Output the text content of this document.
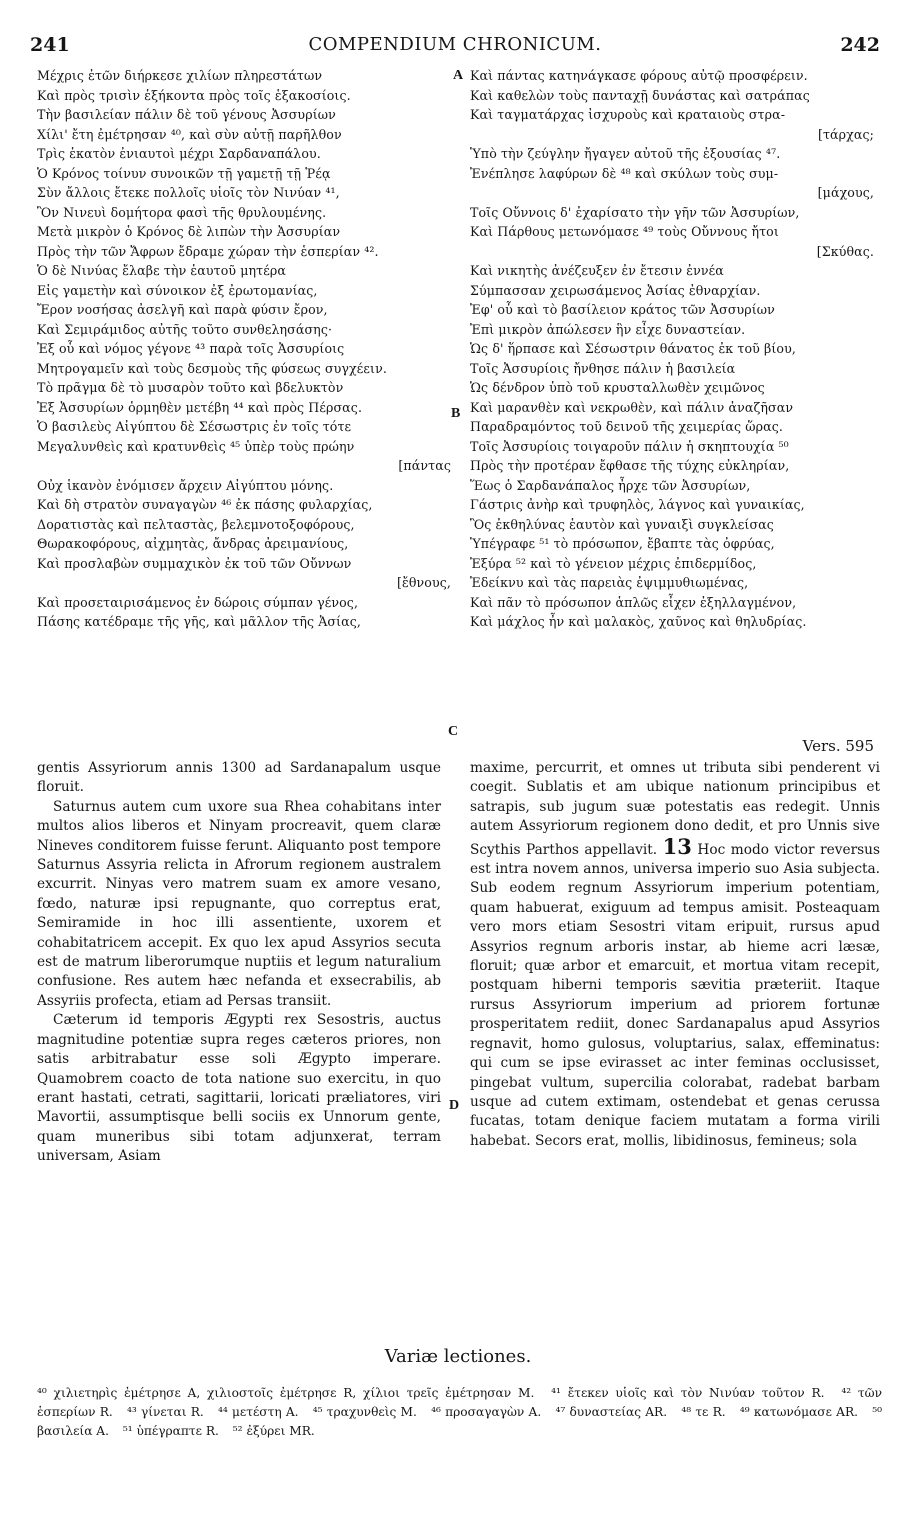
COMPENDIUM CHRONICUM.
241	242
Μέχρις ἐτῶν διήρκεσε χιλίων πληρεστάτων
Καὶ πρὸς τρισὶν ἑξήκοντα πρὸς τοῖς ἑξακοσίοις.
Τὴν βασιλείαν πάλιν δὲ τοῦ γένους Ἀσσυρίων
Χίλι' ἔτη ἐμέτρησαν ⁴⁰, καὶ σὺν αὐτῇ παρῆλθον
Τρὶς ἑκατὸν ἐνιαυτοὶ μέχρι Σαρδαναπάλου.
Ὁ Κρόνος τοίνυν συνοικῶν τῇ γαμετῇ τῇ Ῥέᾳ
Σὺν ἄλλοις ἔτεκε πολλοῖς υἱοῖς τὸν Νινύαν ⁴¹,
Ὃν Νινευὶ δομήτορα φασὶ τῆς θρυλουμένης.
Μετὰ μικρὸν ὁ Κρόνος δὲ λιπὼν τὴν Ἀσσυρίαν
Πρὸς τὴν τῶν Ἄφρων ἔδραμε χώραν τὴν ἑσπερίαν ⁴².
Ὁ δὲ Νινύας ἔλαβε τὴν ἑαυτοῦ μητέρα
Εἰς γαμετὴν καὶ σύνοικον ἐξ ἐρωτομανίας,
Ἔρον νοσήσας ἀσελγῆ καὶ παρὰ φύσιν ἔρον,
Καὶ Σεμιράμιδος αὐτῆς τοῦτο συνθελησάσης·
Ἐξ οὗ καὶ νόμος γέγονε ⁴³ παρὰ τοῖς Ἀσσυρίοις
Μητρογαμεῖν καὶ τοὺς δεσμοὺς τῆς φύσεως συγχέειν.
Τὸ πρᾶγμα δὲ τὸ μυσαρὸν τοῦτο καὶ βδελυκτὸν
Ἐξ Ἀσσυρίων ὁρμηθὲν μετέβη ⁴⁴ καὶ πρὸς Πέρσας.
Ὁ βασιλεὺς Αἰγύπτου δὲ Σέσωστρις ἐν τοῖς τότε
Μεγαλυνθεὶς καὶ κρατυνθεὶς ⁴⁵ ὑπὲρ τοὺς πρώην
[πάντας
Οὐχ ἱκανὸν ἐνόμισεν ἄρχειν Αἰγύπτου μόνης.
Καὶ δὴ στρατὸν συναγαγὼν ⁴⁶ ἐκ πάσης φυλαρχίας,
Δορατιστὰς καὶ πελταστὰς, βελεμνοτοξοφόρους,
Θωρακοφόρους, αἰχμητὰς, ἄνδρας ἀρειμανίους,
Καὶ προσλαβὼν συμμαχικὸν ἐκ τοῦ τῶν Οὔννων
[ἔθνους,
Καὶ προσεταιρισάμενος ἐν δώροις σύμπαν γένος,
Πάσης κατέδραμε τῆς γῆς, καὶ μᾶλλον τῆς Ἀσίας,
Καὶ πάντας κατηνάγκασε φόρους αὐτῷ προσφέρειν.
Καὶ καθελὼν τοὺς πανταχῇ δυνάστας καὶ σατράπας
Καὶ ταγματάρχας ἰσχυροὺς καὶ κραταιοὺς στρα-
[τάρχας;
Ὑπὸ τὴν ζεύγλην ἤγαγεν αὐτοῦ τῆς ἐξουσίας ⁴⁷.
Ἐνέπλησε λαφύρων δὲ ⁴⁸ καὶ σκύλων τοὺς συμ-
[μάχους,
Τοῖς Οὔννοις δ' ἐχαρίσατο τὴν γῆν τῶν Ἀσσυρίων,
Καὶ Πάρθους μετωνόμασε ⁴⁹ τοὺς Οὔννους ἤτοι
[Σκύθας.
Καὶ νικητὴς ἀνέζευξεν ἐν ἔτεσιν ἐννέα
Σύμπασσαν χειρωσάμενος Ἀσίας ἐθναρχίαν.
Ἐφ' οὗ καὶ τὸ βασίλειον κράτος τῶν Ἀσσυρίων
Ἐπὶ μικρὸν ἀπώλεσεν ἣν εἶχε δυναστείαν.
Ὡς δ' ἥρπασε καὶ Σέσωστριν θάνατος ἐκ τοῦ βίου,
Τοῖς Ἀσσυρίοις ἤνθησε πάλιν ἡ βασιλεία
Ὡς δένδρον ὑπὸ τοῦ κρυσταλλωθὲν χειμῶνος
Καὶ μαρανθὲν καὶ νεκρωθὲν, καὶ πάλιν ἀναζῆσαν
Παραδραμόντος τοῦ δεινοῦ τῆς χειμερίας ὥρας.
Τοῖς Ἀσσυρίοις τοιγαροῦν πάλιν ἡ σκηπτουχία ⁵⁰
Πρὸς τὴν προτέραν ἔφθασε τῆς τύχης εὐκληρίαν,
Ἕως ὁ Σαρδανάπαλος ἦρχε τῶν Ἀσσυρίων,
Γάστρις ἀνὴρ καὶ τρυφηλὸς, λάγνος καὶ γυναικίας,
Ὃς ἐκθηλύνας ἑαυτὸν καὶ γυναιξὶ συγκλείσας
Ὑπέγραφε ⁵¹ τὸ πρόσωπον, ἔβαπτε τὰς ὀφρύας,
Ἐξύρα ⁵² καὶ τὸ γένειον μέχρις ἐπιδερμίδος,
Ἐδείκνυ καὶ τὰς παρειὰς ἐψιμμυθιωμένας,
Καὶ πᾶν τὸ πρόσωπον ἁπλῶς εἶχεν ἐξηλλαγμένον,
Καὶ μάχλος ἦν καὶ μαλακὸς, χαῦνος καὶ θηλυδρίας.
A
B
C
D
Vers. 595

gentis Assyriorum annis 1300 ad Sardanapalum usque floruit.

Saturnus autem cum uxore sua Rhea cohabitans inter multos alios liberos et Ninyam procreavit, quem claræ Nineves conditorem fuisse ferunt. Aliquanto post tempore Saturnus Assyria relicta in Afrorum regionem australem excurrit. Ninyas vero matrem suam ex amore vesano, fœdo, naturæ ipsi repugnante, quo correptus erat, Semiramide in hoc illi assentiente, uxorem et cohabitatricem accepit. Ex quo lex apud Assyrios secuta est de matrum liberorumque nuptiis et legum naturalium confusione. Res autem hæc nefanda et exsecrabilis, ab Assyriis profecta, etiam ad Persas transiit.

Cæterum id temporis Ægypti rex Sesostris, auctus magnitudine potentiæ supra reges cæteros priores, non satis arbitrabatur esse soli Ægypto imperare. Quamobrem coacto de tota natione suo exercitu, in quo erant hastati, cetrati, sagittarii, loricati præliatores, viri Mavortii, assumptisque belli sociis ex Unnorum gente, quam muneribus sibi totam adjunxerat, terram universam, Asiam

maxime, percurrit, et omnes ut tributa sibi penderent vi coegit. Sublatis et am ubique nationum principibus et satrapis, sub jugum suæ potestatis eas redegit. Unnis autem Assyriorum regionem dono dedit, et pro Unnis sive Scythis Parthos appellavit. 13 Hoc modo victor reversus est intra novem annos, universa imperio suo Asia subjecta. Sub eodem regnum Assyriorum imperium potentiam, quam habuerat, exiguum ad tempus amisit. Posteaquam vero mors etiam Sesostri vitam eripuit, rursus apud Assyrios regnum arboris instar, ab hieme acri læsæ, floruit; quæ arbor et emarcuit, et mortua vitam recepit, postquam hiberni temporis sævitia præteriit. Itaque rursus Assyriorum imperium ad priorem fortunæ prosperitatem rediit, donec Sardanapalus apud Assyrios regnavit, homo gulosus, voluptarius, salax, effeminatus: qui cum se ipse evirasset ac inter feminas occlusisset, pingebat vultum, supercilia colorabat, radebat barbam usque ad cutem extimam, ostendebat et genas cerussa fucatas, totam denique faciem mutatam a forma virili habebat. Secors erat, mollis, libidinosus, femineus; sola

Variæ lectiones.

⁴⁰ χιλιετηρὶς ἐμέτρησε A, χιλιοστοῖς ἐμέτρησε R, χίλιοι τρεῖς ἐμέτρησαν M. ⁴¹ ἔτεκεν υἱοῖς καὶ τὸν Νινύαν τοῦτον R. ⁴² τῶν ἑσπερίων R. ⁴³ γίνεται R. ⁴⁴ μετέστη A. ⁴⁵ τραχυνθεὶς M. ⁴⁶ προσαγαγὼν A. ⁴⁷ δυναστείας AR. ⁴⁸ τε R. ⁴⁹ κατωνόμασε AR. ⁵⁰ βασιλεία A. ⁵¹ ὑπέγραπτε R. ⁵² ἐξύρει MR.
